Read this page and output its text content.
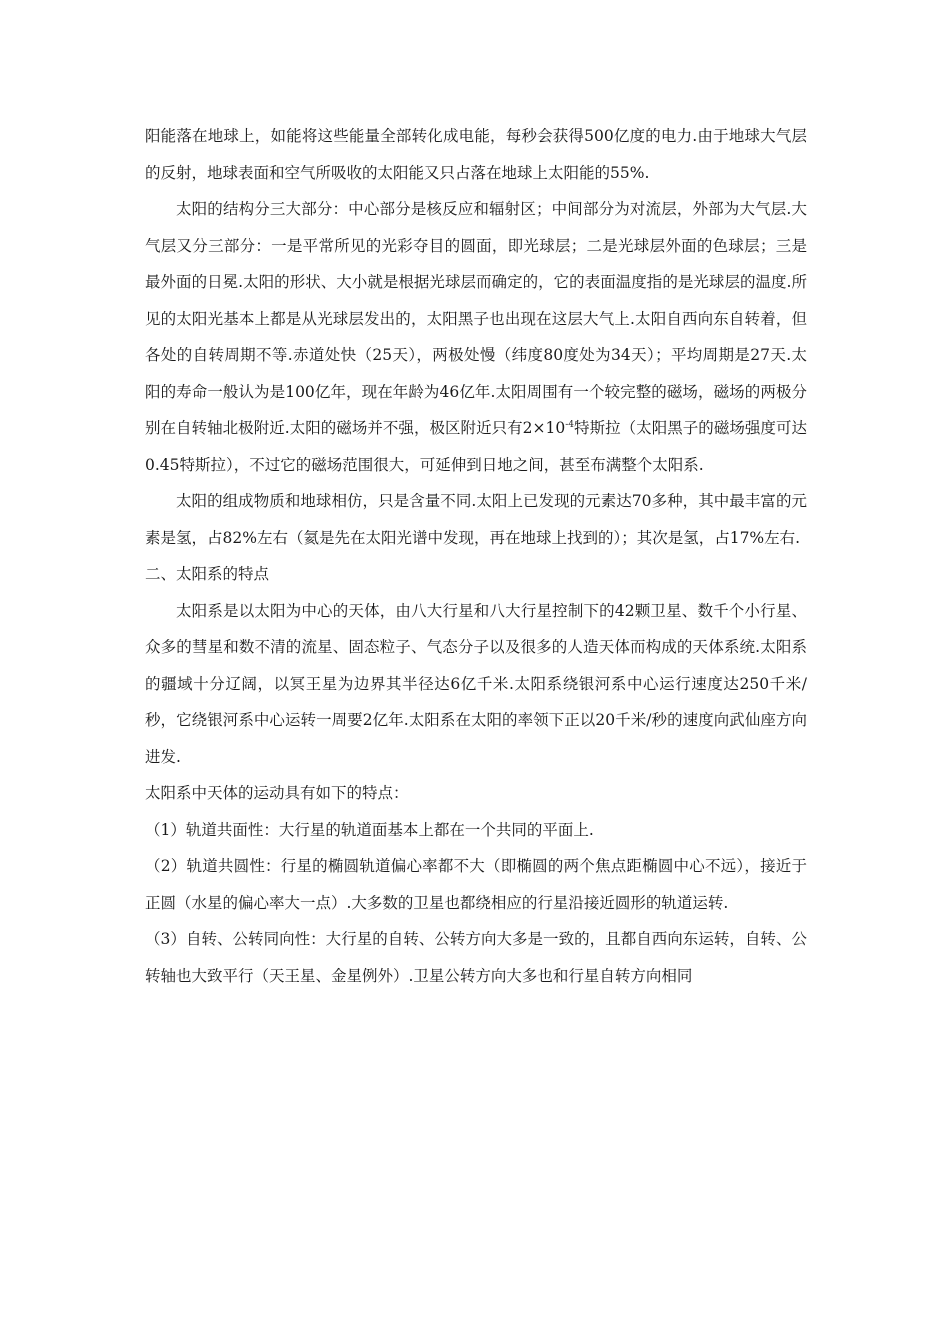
阳能落在地球上，如能将这些能量全部转化成电能，每秒会获得500亿度的电力.由于地球大气层的反射，地球表面和空气所吸收的太阳能又只占落在地球上太阳能的55%.

太阳的结构分三大部分：中心部分是核反应和辐射区；中间部分为对流层，外部为大气层.大气层又分三部分：一是平常所见的光彩夺目的圆面，即光球层；二是光球层外面的色球层；三是最外面的日冕.太阳的形状、大小就是根据光球层而确定的，它的表面温度指的是光球层的温度.所见的太阳光基本上都是从光球层发出的，太阳黑子也出现在这层大气上.太阳自西向东自转着，但各处的自转周期不等.赤道处快（25天），两极处慢（纬度80度处为34天）；平均周期是27天.太阳的寿命一般认为是100亿年，现在年龄为46亿年.太阳周围有一个较完整的磁场，磁场的两极分别在自转轴北极附近.太阳的磁场并不强，极区附近只有$2\times 10^{-4}$特斯拉（太阳黑子的磁场强度可达0.45特斯拉），不过它的磁场范围很大，可延伸到日地之间，甚至布满整个太阳系.

太阳的组成物质和地球相仿，只是含量不同.太阳上已发现的元素达70多种，其中最丰富的元素是氢，占82%左右（氦是先在太阳光谱中发现，再在地球上找到的）；其次是氢，占17%左右.

二、太阳系的特点

太阳系是以太阳为中心的天体，由八大行星和八大行星控制下的42颗卫星、数千个小行星、众多的彗星和数不清的流星、固态粒子、气态分子以及很多的人造天体而构成的天体系统.太阳系的疆域十分辽阔，以冥王星为边界其半径达6亿千米.太阳系绕银河系中心运行速度达250千米/秒，它绕银河系中心运转一周要2亿年.太阳系在太阳的率领下正以20千米/秒的速度向武仙座方向进发.

太阳系中天体的运动具有如下的特点：

（1）轨道共面性：大行星的轨道面基本上都在一个共同的平面上.

（2）轨道共圆性：行星的椭圆轨道偏心率都不大（即椭圆的两个焦点距椭圆中心不远），接近于正圆（水星的偏心率大一点）.大多数的卫星也都绕相应的行星沿接近圆形的轨道运转.

（3）自转、公转同向性：大行星的自转、公转方向大多是一致的，且都自西向东运转，自转、公转轴也大致平行（天王星、金星例外）.卫星公转方向大多也和行星自转方向相同
